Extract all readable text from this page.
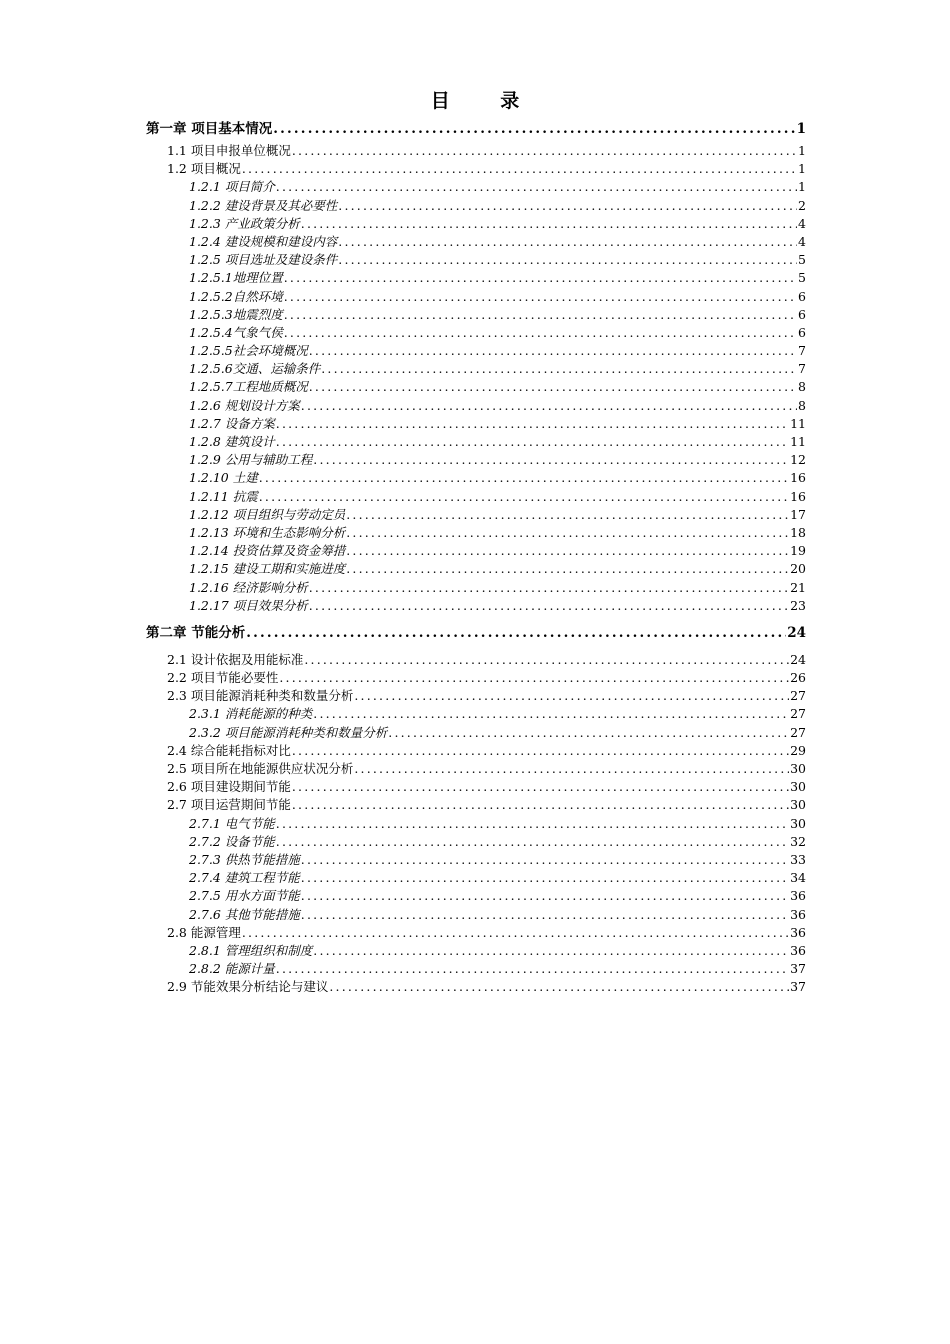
目 录
第一章 项目基本情况 .....	1
1.1 项目申报单位概况 .....	1
1.2 项目概况 .....	1
1.2.1 项目简介 .....	1
1.2.2 建设背景及其必要性 .....	2
1.2.3 产业政策分析 .....	4
1.2.4 建设规模和建设内容 .....	4
1.2.5 项目选址及建设条件 .....	5
1.2.5.1地理位置 .....	5
1.2.5.2自然环境 .....	6
1.2.5.3地震烈度 .....	6
1.2.5.4气象气侯 .....	6
1.2.5.5社会环境概况 .....	7
1.2.5.6交通、运输条件 .....	7
1.2.5.7工程地质概况 .....	8
1.2.6 规划设计方案 .....	8
1.2.7 设备方案 .....	11
1.2.8 建筑设计 .....	11
1.2.9 公用与辅助工程 .....	12
1.2.10 土建 .....	16
1.2.11 抗震 .....	16
1.2.12 项目组织与劳动定员 .....	17
1.2.13 环境和生态影响分析 .....	18
1.2.14 投资估算及资金筹措 .....	19
1.2.15 建设工期和实施进度 .....	20
1.2.16 经济影响分析 .....	21
1.2.17 项目效果分析 .....	23
第二章 节能分析 .....	24
2.1 设计依据及用能标准 .....	24
2.2 项目节能必要性 .....	26
2.3 项目能源消耗种类和数量分析 .....	27
2.3.1 消耗能源的种类 .....	27
2.3.2 项目能源消耗种类和数量分析 .....	27
2.4 综合能耗指标对比 .....	29
2.5 项目所在地能源供应状况分析 .....	30
2.6 项目建设期间节能 .....	30
2.7 项目运营期间节能 .....	30
2.7.1 电气节能 .....	30
2.7.2 设备节能 .....	32
2.7.3 供热节能措施 .....	33
2.7.4 建筑工程节能 .....	34
2.7.5 用水方面节能 .....	36
2.7.6 其他节能措施 .....	36
2.8 能源管理 .....	36
2.8.1 管理组织和制度 .....	36
2.8.2 能源计量 .....	37
2.9 节能效果分析结论与建议 .....	37
